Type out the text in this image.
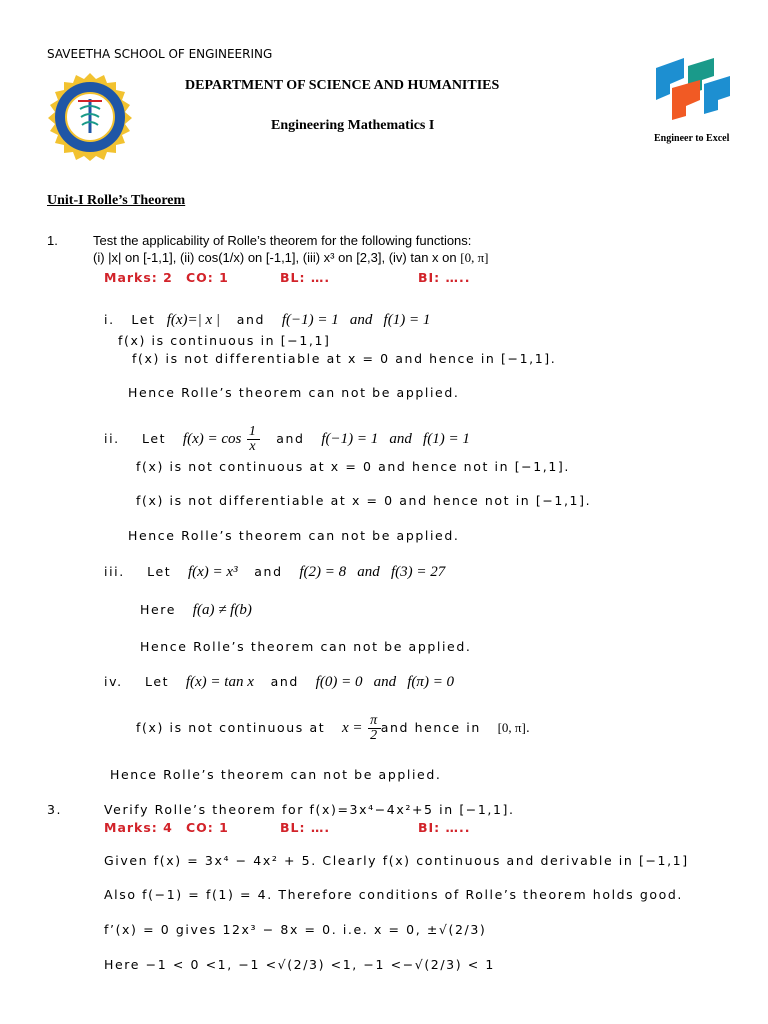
SAVEETHA SCHOOL OF ENGINEERING
DEPARTMENT OF SCIENCE AND HUMANITIES
Engineering Mathematics I
Engineer to Excel
Unit-I Rolle’s Theorem
1.	Test the applicability of Rolle’s theorem for the following functions:
(i) |x| on [-1,1], (ii) cos(1/x) on [-1,1], (iii) x³ on [2,3], (iv) tan x on [0, π]
Marks: 2 CO: 1	BL: ….	BI: …..
i. Let f(x)=| x | and f(−1) = 1 and f(1) = 1
f(x) is continuous in [−1,1]
f(x) is not differentiable at x = 0 and hence in [−1,1].
Hence Rolle’s theorem can not be applied.
ii. Let $f(x) = \cos \frac{1}{x}$ and f(−1) = 1 and f(1) = 1
f(x) is not continuous at x = 0 and hence not in [−1,1].
f(x) is not differentiable at x = 0 and hence not in [−1,1].
Hence Rolle’s theorem can not be applied.
iii. Let f(x) = x³ and f(2) = 8 and f(3) = 27
Here f(a) ≠ f(b)
Hence Rolle’s theorem can not be applied.
iv. Let f(x) = tan x and f(0) = 0 and f(π) = 0
f(x) is not continuous at $x = \frac{\pi}{2}$ and hence in [0, π].
Hence Rolle’s theorem can not be applied.
3.	Verify Rolle’s theorem for f(x)=3x⁴−4x²+5 in [−1,1].
Marks: 4 CO: 1	BL: ….	BI: …..
Given f(x) = 3x⁴ − 4x² + 5. Clearly f(x) continuous and derivable in [−1,1]
Also f(−1) = f(1) = 4. Therefore conditions of Rolle’s theorem holds good.
f’(x) = 0 gives 12x³ − 8x = 0. i.e. x = 0, ±√(2/3)
Here −1 < 0 <1, −1 <√(2/3) <1, −1 <−√(2/3) < 1
